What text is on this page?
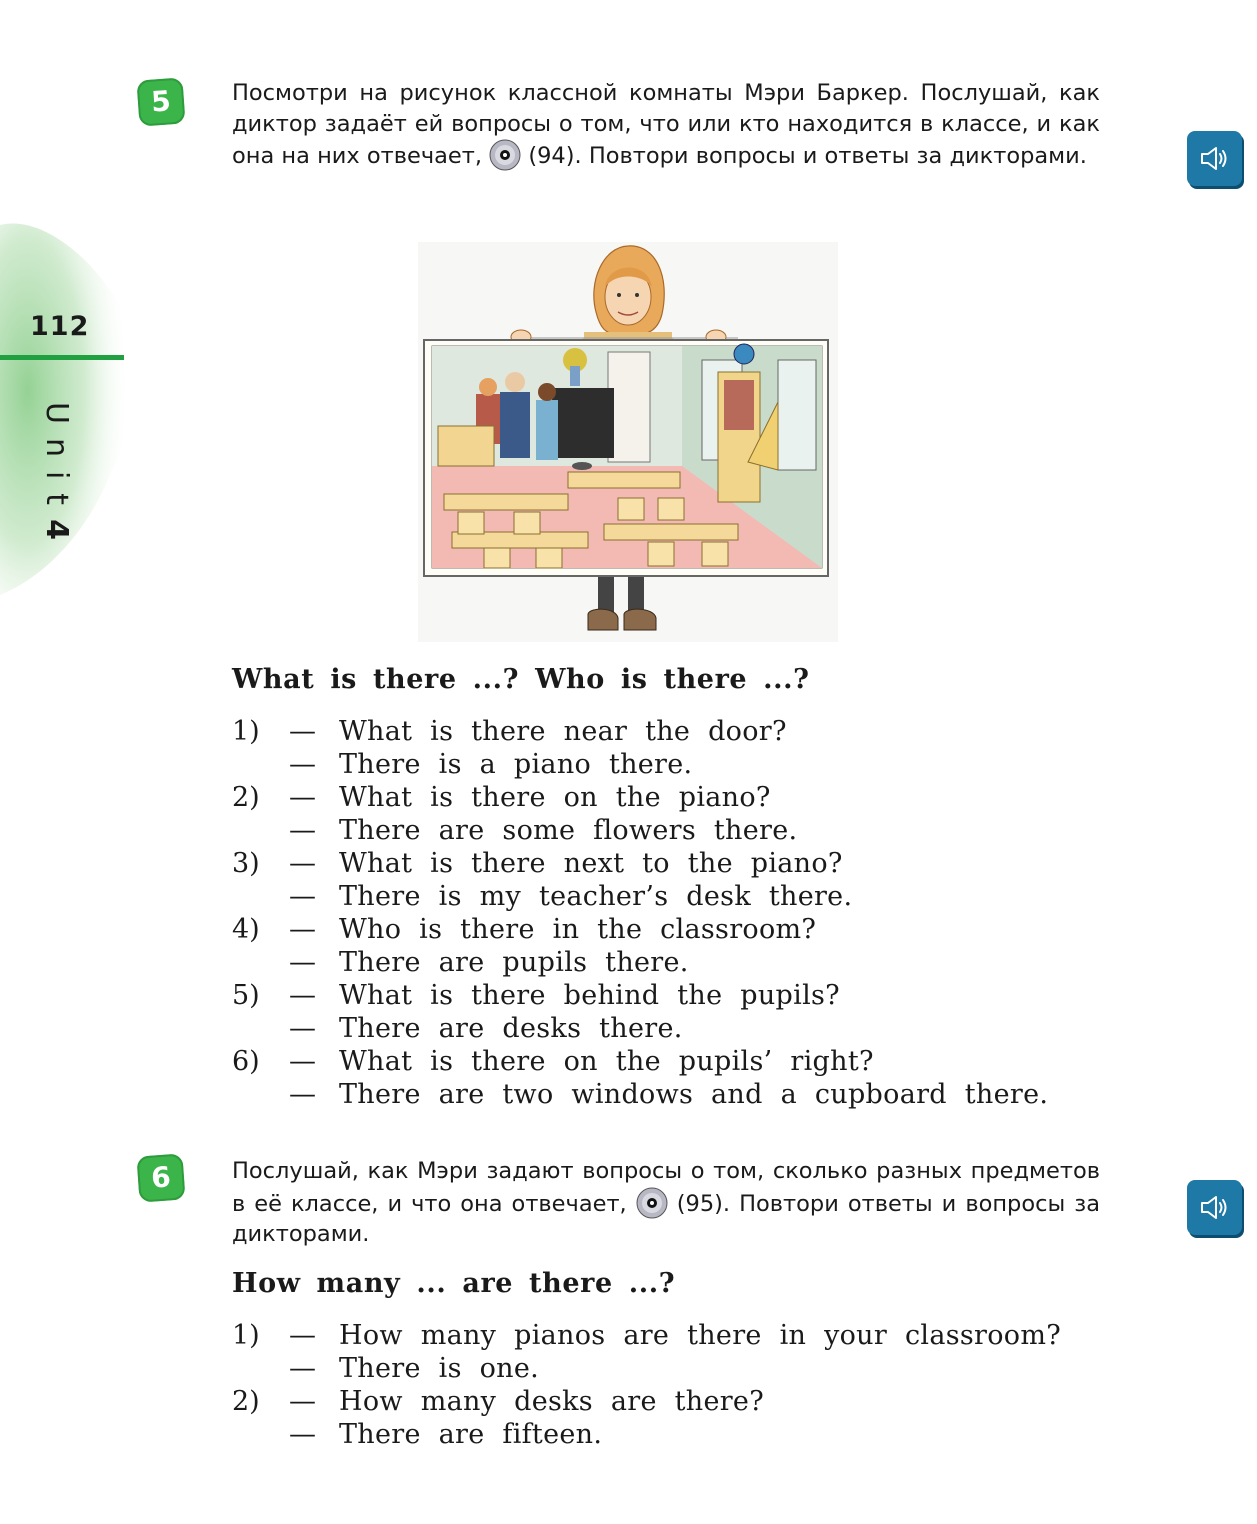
112
Unit4
5	Посмотри на рисунок классной комнаты Мэри Баркер. Послушай, как диктор задаёт ей вопросы о том, что или кто находится в классе, и как она на них отвечает, (94). Повтори вопросы и ответы за дикторами.
What is there ...? Who is there ...?
1) — What is there near the door?
— There is a piano there.
2) — What is there on the piano?
— There are some flowers there.
3) — What is there next to the piano?
— There is my teacher’s desk there.
4) — Who is there in the classroom?
— There are pupils there.
5) — What is there behind the pupils?
— There are desks there.
6) — What is there on the pupils’ right?
— There are two windows and a cupboard there.
6	Послушай, как Мэри задают вопросы о том, сколько разных предметов в её классе, и что она отвечает, (95). Повтори ответы и вопросы за дикторами.
How many ... are there ...?
1) — How many pianos are there in your classroom?
— There is one.
2) — How many desks are there?
— There are fifteen.
